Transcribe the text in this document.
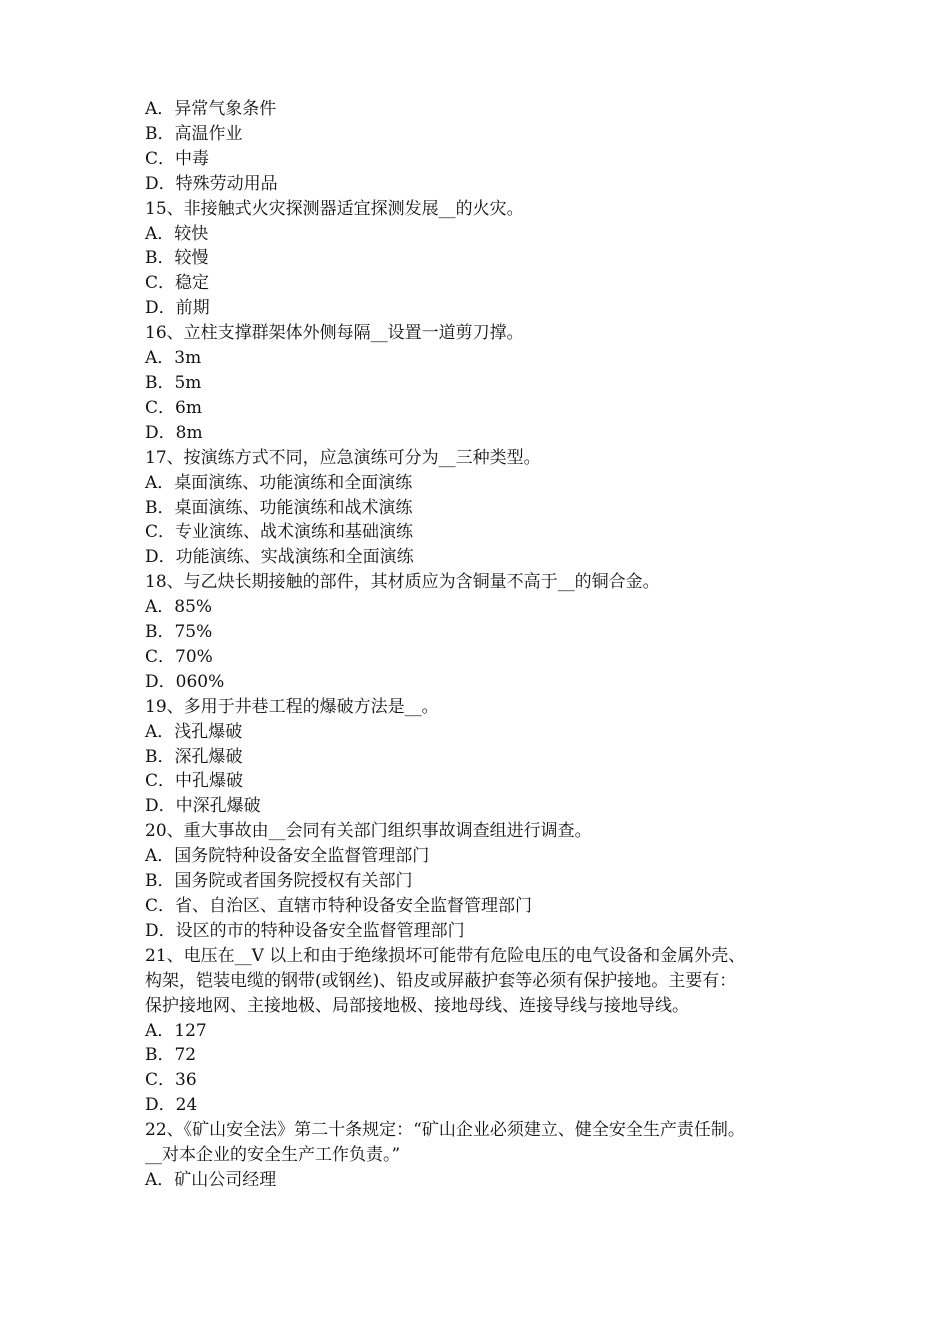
A．异常气象条件

B．高温作业

C．中毒

D．特殊劳动用品

15、非接触式火灾探测器适宜探测发展__的火灾。

A．较快

B．较慢

C．稳定

D．前期

16、立柱支撑群架体外侧每隔__设置一道剪刀撑。

A．3m

B．5m

C．6m

D．8m

17、按演练方式不同，应急演练可分为__三种类型。

A．桌面演练、功能演练和全面演练

B．桌面演练、功能演练和战术演练

C．专业演练、战术演练和基础演练

D．功能演练、实战演练和全面演练

18、与乙炔长期接触的部件，其材质应为含铜量不高于__的铜合金。

A．85%

B．75%

C．70%

D．060%

19、多用于井巷工程的爆破方法是__。

A．浅孔爆破

B．深孔爆破

C．中孔爆破

D．中深孔爆破

20、重大事故由__会同有关部门组织事故调查组进行调查。

A．国务院特种设备安全监督管理部门

B．国务院或者国务院授权有关部门

C．省、自治区、直辖市特种设备安全监督管理部门

D．设区的市的特种设备安全监督管理部门

21、电压在__V 以上和由于绝缘损坏可能带有危险电压的电气设备和金属外壳、

构架，铠装电缆的钢带(或钢丝)、铅皮或屏蔽护套等必须有保护接地。主要有：

保护接地网、主接地极、局部接地极、接地母线、连接导线与接地导线。

A．127

B．72

C．36

D．24

22、《矿山安全法》第二十条规定：“矿山企业必须建立、健全安全生产责任制。

__对本企业的安全生产工作负责。”

A．矿山公司经理
